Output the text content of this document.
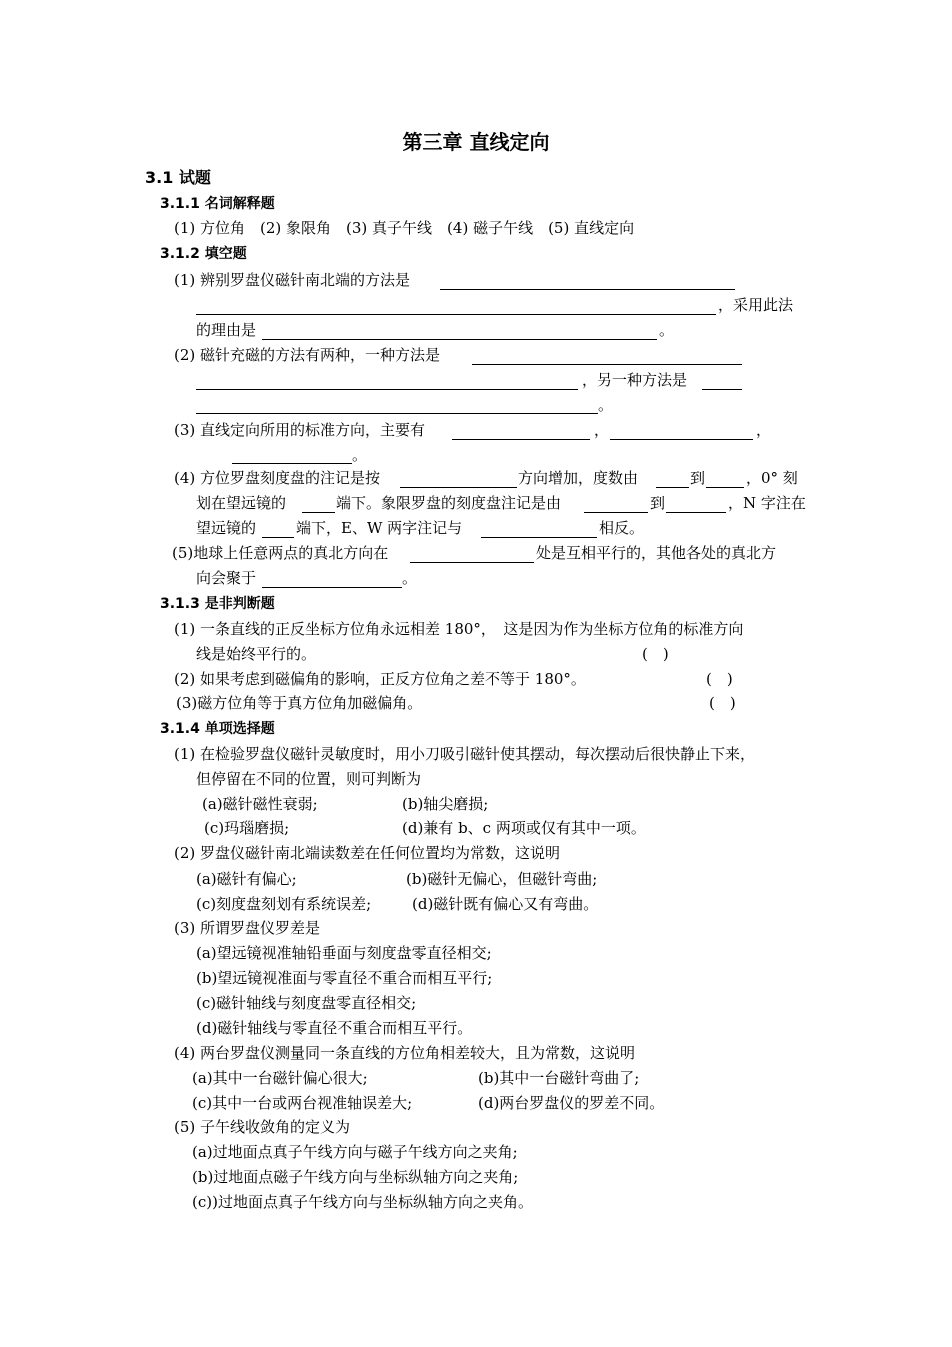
第三章 直线定向
3.1 试题
3.1.1 名词解释题
(1) 方位角　(2) 象限角　(3) 真子午线　(4) 磁子午线　(5) 直线定向
3.1.2 填空题
(1) 辨别罗盘仪磁针南北端的方法是
，采用此法
的理由是	。
(2) 磁针充磁的方法有两种，一种方法是
，另一种方法是
。
(3) 直线定向所用的标准方向，主要有	，	，
。
(4) 方位罗盘刻度盘的注记是按	方向增加，度数由	到	，0° 刻
划在望远镜的	端下。象限罗盘的刻度盘注记是由	到	，N 字注在
望远镜的	端下，E、W 两字注记与	相反。
(5)地球上任意两点的真北方向在	处是互相平行的，其他各处的真北方
向会聚于	。
3.1.3 是非判断题
(1) 一条直线的正反坐标方位角永远相差 180°，　这是因为作为坐标方位角的标准方向
线是始终平行的。	(　)
(2) 如果考虑到磁偏角的影响，正反方位角之差不等于 180°。	(　)
(3)磁方位角等于真方位角加磁偏角。	(　)
3.1.4 单项选择题
(1) 在检验罗盘仪磁针灵敏度时，用小刀吸引磁针使其摆动，每次摆动后很快静止下来，
但停留在不同的位置，则可判断为
(a)磁针磁性衰弱;	(b)轴尖磨损;
(c)玛瑙磨损;	(d)兼有 b、c 两项或仅有其中一项。
(2) 罗盘仪磁针南北端读数差在任何位置均为常数，这说明
(a)磁针有偏心;	(b)磁针无偏心，但磁针弯曲;
(c)刻度盘刻划有系统误差;	(d)磁针既有偏心又有弯曲。
(3) 所谓罗盘仪罗差是
(a)望远镜视准轴铅垂面与刻度盘零直径相交;
(b)望远镜视准面与零直径不重合而相互平行;
(c)磁针轴线与刻度盘零直径相交;
(d)磁针轴线与零直径不重合而相互平行。
(4) 两台罗盘仪测量同一条直线的方位角相差较大，且为常数，这说明
(a)其中一台磁针偏心很大;	(b)其中一台磁针弯曲了;
(c)其中一台或两台视准轴误差大;	(d)两台罗盘仪的罗差不同。
(5) 子午线收敛角的定义为
(a)过地面点真子午线方向与磁子午线方向之夹角;
(b)过地面点磁子午线方向与坐标纵轴方向之夹角;
(c))过地面点真子午线方向与坐标纵轴方向之夹角。
